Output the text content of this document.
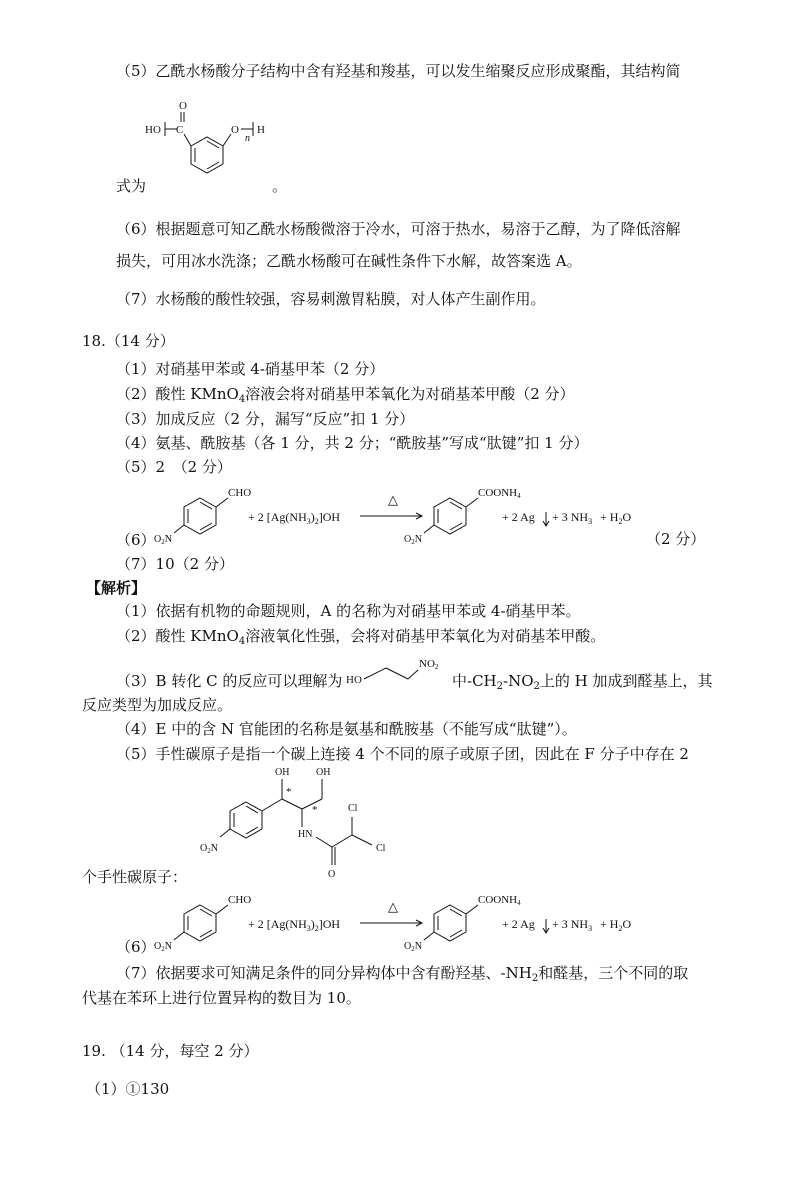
（5）乙酰水杨酸分子结构中含有羟基和羧基，可以发生缩聚反应形成聚酯，其结构简
HO C
O
O
n
H
式为	。
（6）根据题意可知乙酰水杨酸微溶于冷水，可溶于热水，易溶于乙醇，为了降低溶解
损失，可用冰水洗涤；乙酰水杨酸可在碱性条件下水解，故答案选 A。
（7）水杨酸的酸性较强，容易刺激胃粘膜，对人体产生副作用。
18.（14 分）
（1）对硝基甲苯或 4-硝基甲苯（2 分）
（2）酸性 KMnO$_4$溶液会将对硝基甲苯氧化为对硝基苯甲酸（2 分）
（3）加成反应（2 分，漏写“反应”扣 1 分）
（4）氨基、酰胺基（各 1 分，共 2 分；“酰胺基”写成“肽键”扣 1 分）
（5）2　（2 分）
（6）
CHO
$O_2N$
+ 2 $[Ag(NH_3)_2]OH$
△	COONH4
$O_2N$
+ 2 Ag + 3 $NH_3 + H_2O$
（2 分）
（7）10（2 分）
【解析】
（1）依据有机物的命题规则，A 的名称为对硝基甲苯或 4-硝基甲苯。
（2）酸性 KMnO$_4$溶液氧化性强，会将对硝基甲苯氧化为对硝基苯甲酸。
（3）B 转化 C 的反应可以理解为 HO
NO2
中$-CH_2-NO_2$上的 H 加成到醛基上，其
反应类型为加成反应。
（4）E 中的含 N 官能团的名称是氨基和酰胺基（不能写成“肽键”）。
（5）手性碳原子是指一个碳上连接 4 个不同的原子或原子团，因此在 F 分子中存在 2
OH
*
*
OH
HN
O
Cl
Cl
$O_2N$
个手性碳原子：
（6）
CHO
$O_2N$
+ 2 $[Ag(NH_3)_2]OH$
△	COONH4
$O_2N$
+ 2 Ag + 3 $NH_3 + H_2O$
（7）依据要求可知满足条件的同分异构体中含有酚羟基、$-NH_2$和醛基，三个不同的取
代基在苯环上进行位置异构的数目为 10。
19. （14 分，每空 2 分）
（1）①130
